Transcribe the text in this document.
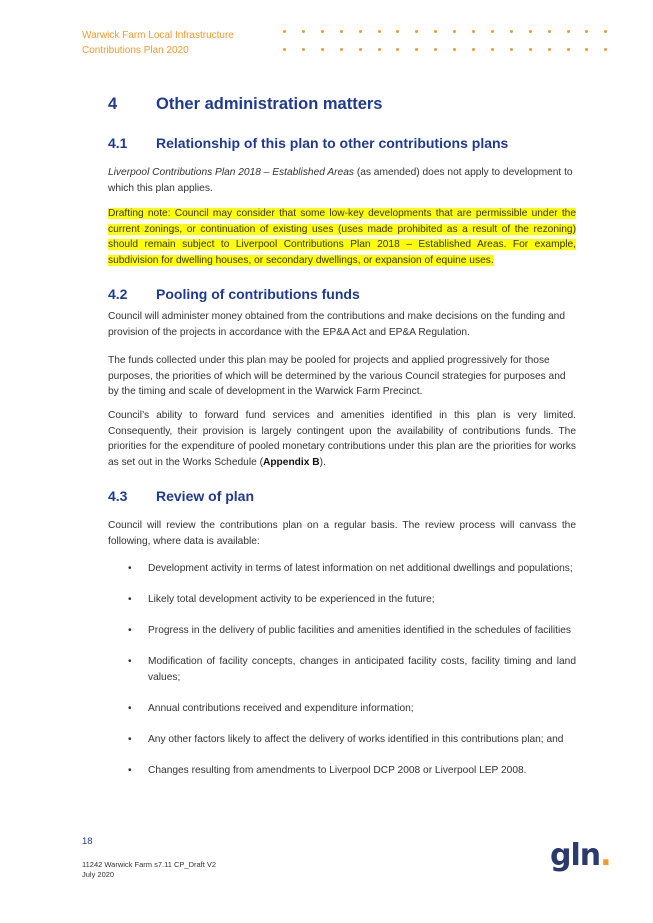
Warwick Farm Local Infrastructure
Contributions Plan 2020
4 Other administration matters
4.1 Relationship of this plan to other contributions plans

Liverpool Contributions Plan 2018 – Established Areas (as amended) does not apply to development to which this plan applies.

Drafting note: Council may consider that some low-key developments that are permissible under the current zonings, or continuation of existing uses (uses made prohibited as a result of the rezoning) should remain subject to Liverpool Contributions Plan 2018 – Established Areas. For example, subdivision for dwelling houses, or secondary dwellings, or expansion of equine uses.
4.2 Pooling of contributions funds

Council will administer money obtained from the contributions and make decisions on the funding and provision of the projects in accordance with the EP&A Act and EP&A Regulation.

The funds collected under this plan may be pooled for projects and applied progressively for those purposes, the priorities of which will be determined by the various Council strategies for purposes and by the timing and scale of development in the Warwick Farm Precinct.

Council’s ability to forward fund services and amenities identified in this plan is very limited. Consequently, their provision is largely contingent upon the availability of contributions funds. The priorities for the expenditure of pooled monetary contributions under this plan are the priorities for works as set out in the Works Schedule (Appendix B).

4.3 Review of plan

Council will review the contributions plan on a regular basis. The review process will canvass the following, where data is available:

• Development activity in terms of latest information on net additional dwellings and populations;
• Likely total development activity to be experienced in the future;
• Progress in the delivery of public facilities and amenities identified in the schedules of facilities
• Modification of facility concepts, changes in anticipated facility costs, facility timing and land values;
• Annual contributions received and expenditure information;
• Any other factors likely to affect the delivery of works identified in this contributions plan; and
• Changes resulting from amendments to Liverpool DCP 2008 or Liverpool LEP 2008.
18
11242 Warwick Farm s7.11 CP_Draft V2
July 2020
gln.
